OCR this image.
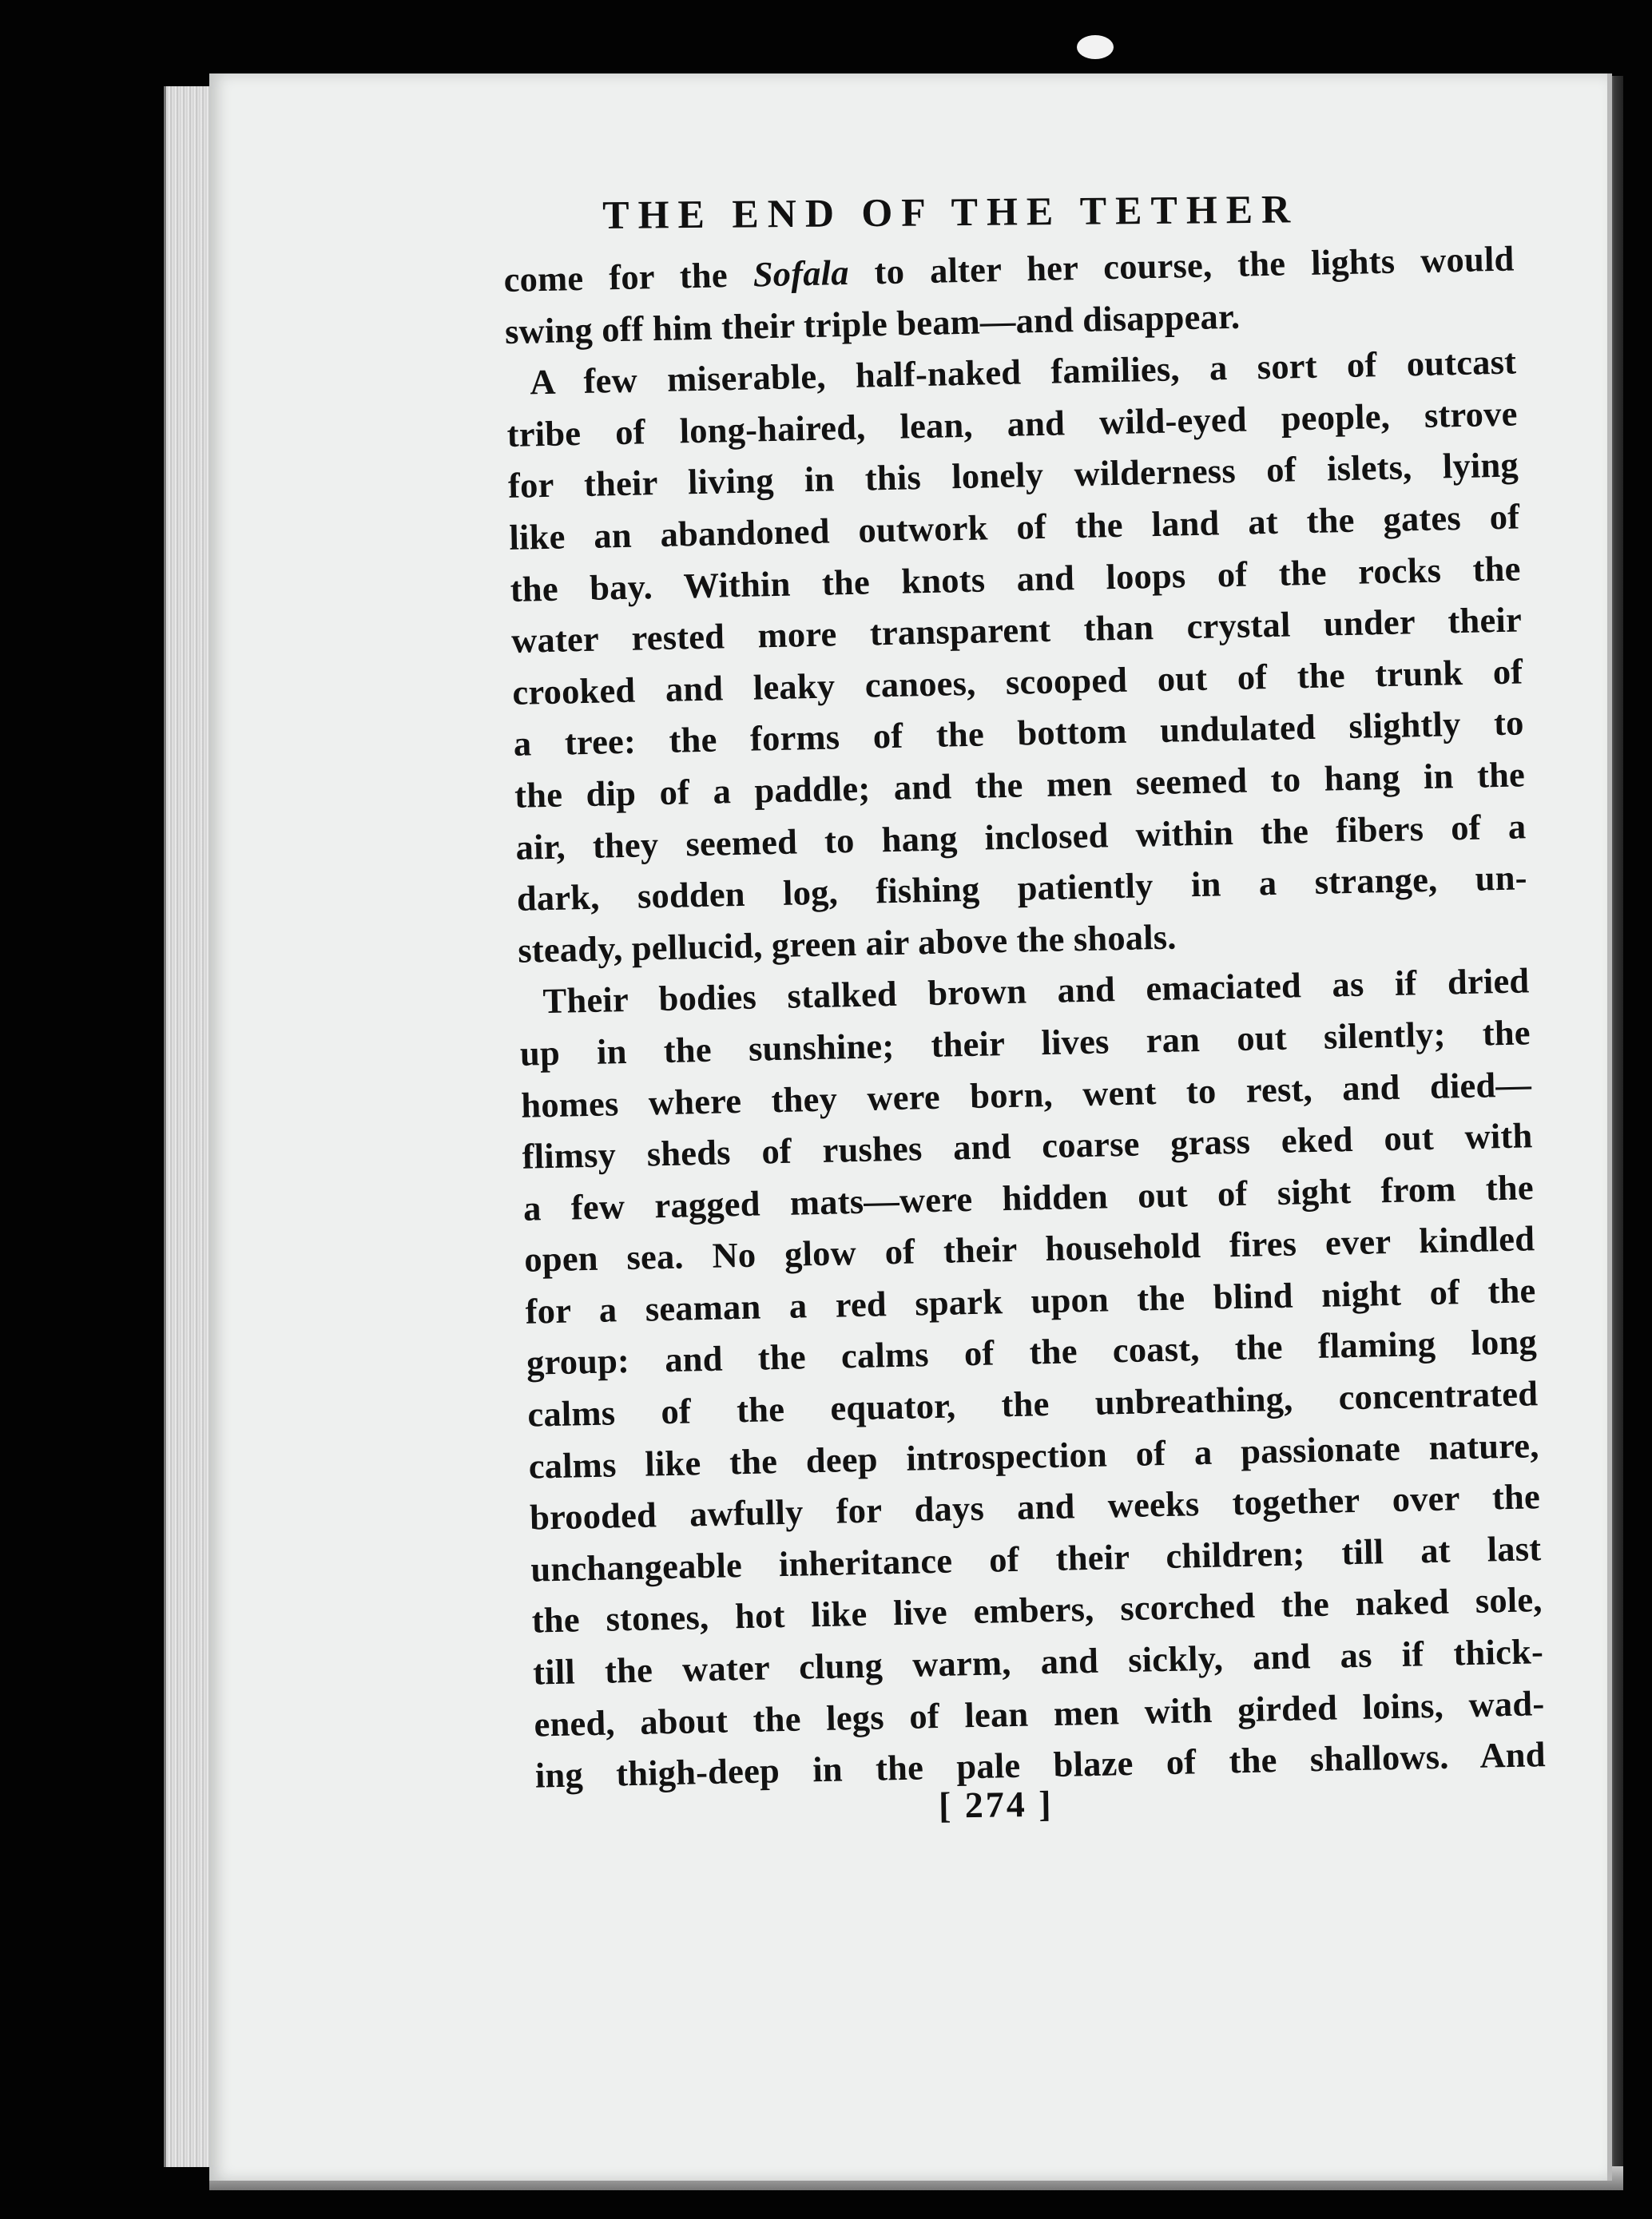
THE END OF THE TETHER
come for the Sofala to alter her course, the lights would
swing off him their triple beam—and disappear.
A few miserable, half-naked families, a sort of outcast
tribe of long-haired, lean, and wild-eyed people, strove
for their living in this lonely wilderness of islets, lying
like an abandoned outwork of the land at the gates of
the bay. Within the knots and loops of the rocks the
water rested more transparent than crystal under their
crooked and leaky canoes, scooped out of the trunk of
a tree: the forms of the bottom undulated slightly to
the dip of a paddle; and the men seemed to hang in the
air, they seemed to hang inclosed within the fibers of a
dark, sodden log, fishing patiently in a strange, un-
steady, pellucid, green air above the shoals.
Their bodies stalked brown and emaciated as if dried
up in the sunshine; their lives ran out silently; the
homes where they were born, went to rest, and died—
flimsy sheds of rushes and coarse grass eked out with
a few ragged mats—were hidden out of sight from the
open sea. No glow of their household fires ever kindled
for a seaman a red spark upon the blind night of the
group: and the calms of the coast, the flaming long
calms of the equator, the unbreathing, concentrated
calms like the deep introspection of a passionate nature,
brooded awfully for days and weeks together over the
unchangeable inheritance of their children; till at last
the stones, hot like live embers, scorched the naked sole,
till the water clung warm, and sickly, and as if thick-
ened, about the legs of lean men with girded loins, wad-
ing thigh-deep in the pale blaze of the shallows. And
[ 274 ]
